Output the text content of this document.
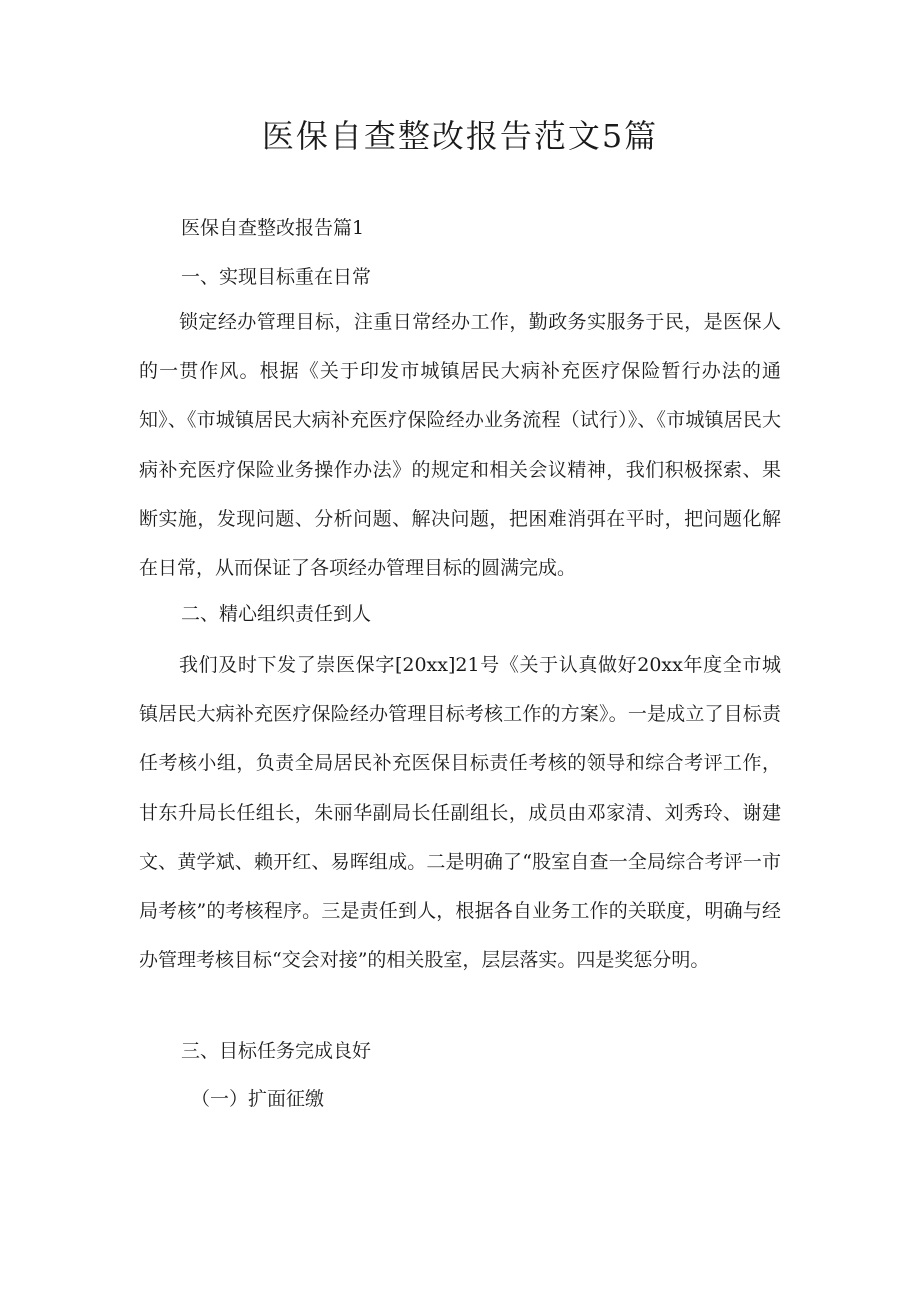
医保自查整改报告范文5篇

医保自查整改报告篇1

一、实现目标重在日常

锁定经办管理目标，注重日常经办工作，勤政务实服务于民，是医保人的一贯作风。根据《关于印发市城镇居民大病补充医疗保险暂行办法的通知》、《市城镇居民大病补充医疗保险经办业务流程（试行）》、《市城镇居民大病补充医疗保险业务操作办法》的规定和相关会议精神，我们积极探索、果断实施，发现问题、分析问题、解决问题，把困难消弭在平时，把问题化解在日常，从而保证了各项经办管理目标的圆满完成。

二、精心组织责任到人

我们及时下发了崇医保字[20xx]21号《关于认真做好20xx年度全市城镇居民大病补充医疗保险经办管理目标考核工作的方案》。一是成立了目标责任考核小组，负责全局居民补充医保目标责任考核的领导和综合考评工作，甘东升局长任组长，朱丽华副局长任副组长，成员由邓家清、刘秀玲、谢建文、黄学斌、赖开红、易晖组成。二是明确了“股室自查一全局综合考评一市局考核”的考核程序。三是责任到人，根据各自业务工作的关联度，明确与经办管理考核目标“交会对接”的相关股室，层层落实。四是奖惩分明。

三、目标任务完成良好

（一）扩面征缴
